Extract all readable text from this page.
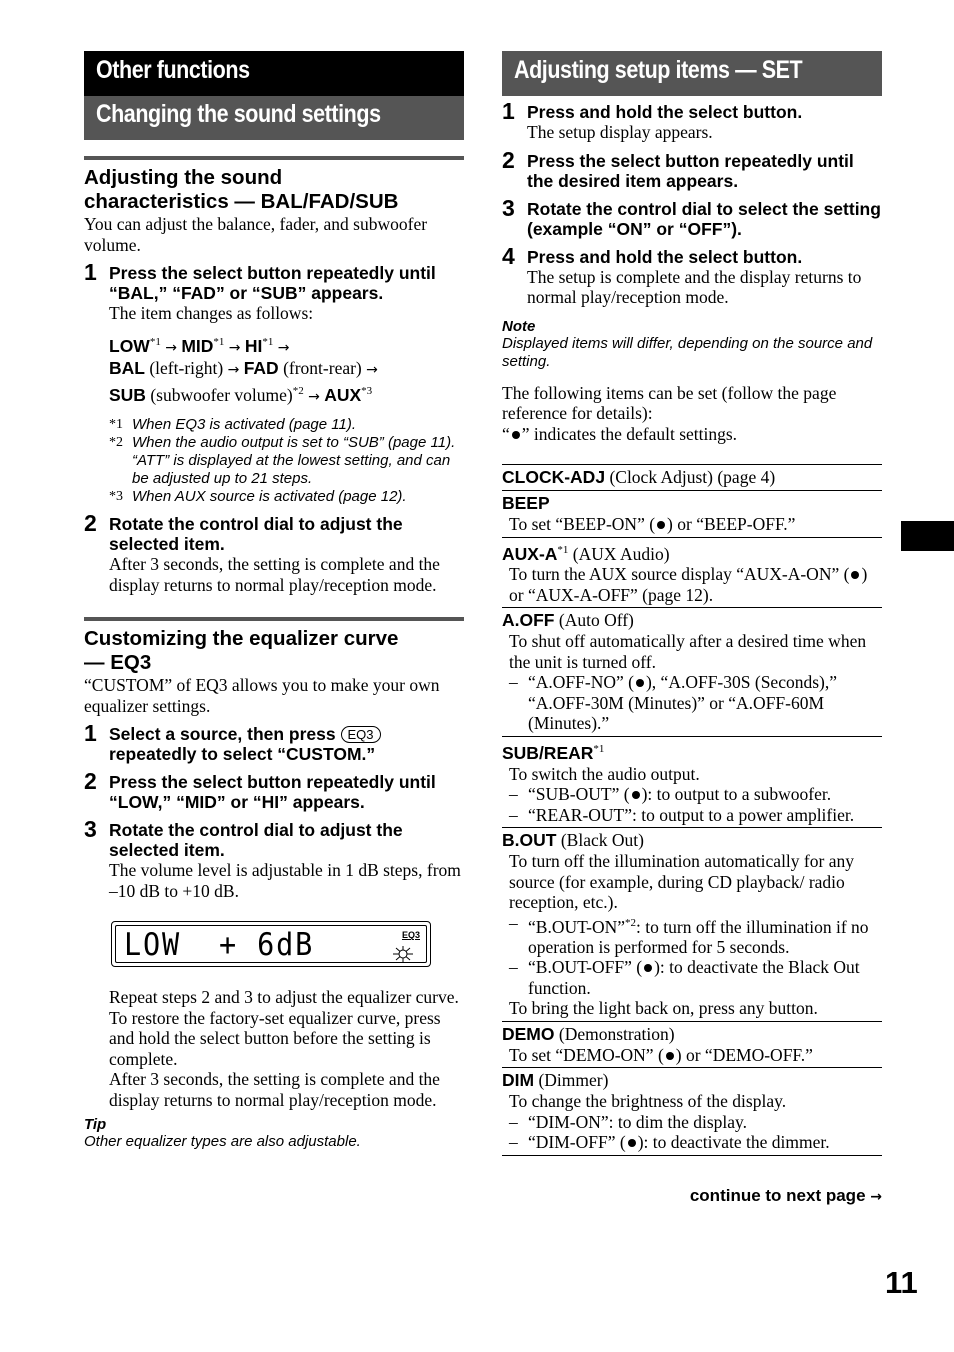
Other functions
Changing the sound settings
Adjusting the sound
characteristics — BAL/FAD/SUB
You can adjust the balance, fader, and subwoofer volume.
1 Press the select button repeatedly until “BAL,” “FAD” or “SUB” appears.
The item changes as follows:
$LOW^{*1} \to MID^{*1} \to HI^{*1}$ →
BAL (left-right) → FAD (front-rear) →
SUB (subwoofer volume)$^{*2}$ → $AUX^{*3}$
*1 When EQ3 is activated (page 11).
*2 When the audio output is set to “SUB” (page 11).
“ATT” is displayed at the lowest setting, and can be adjusted up to 21 steps.
*3 When AUX source is activated (page 12).
2 Rotate the control dial to adjust the selected item.
After 3 seconds, the setting is complete and the display returns to normal play/reception mode.
Customizing the equalizer curve
— EQ3
“CUSTOM” of EQ3 allows you to make your own equalizer settings.
1 Select a source, then press EQ3
repeatedly to select “CUSTOM.”
2 Press the select button repeatedly until “LOW,” “MID” or “HI” appears.
3 Rotate the control dial to adjust the selected item.
The volume level is adjustable in 1 dB steps, from –10 dB to +10 dB.
LOW  + 6dB	EQ3
Repeat steps 2 and 3 to adjust the equalizer curve.
To restore the factory-set equalizer curve, press and hold the select button before the setting is complete.
After 3 seconds, the setting is complete and the display returns to normal play/reception mode.
Tip
Other equalizer types are also adjustable.
Adjusting setup items — SET
1 Press and hold the select button.
The setup display appears.
2 Press the select button repeatedly until the desired item appears.
3 Rotate the control dial to select the setting (example “ON” or “OFF”).
4 Press and hold the select button.
The setup is complete and the display returns to normal play/reception mode.
Note
Displayed items will differ, depending on the source and setting.
The following items can be set (follow the page reference for details):
“ ” indicates the default settings.
CLOCK-ADJ (Clock Adjust) (page 4)
BEEP
To set “BEEP-ON” ( ) or “BEEP-OFF.”
AUX-$A^{*1}$ (AUX Audio)
To turn the AUX source display “AUX-A-ON” ( ) or “AUX-A-OFF” (page 12).
A.OFF (Auto Off)
To shut off automatically after a desired time when the unit is turned off.
– “A.OFF-NO” ( ), “A.OFF-30S (Seconds),” “A.OFF-30M (Minutes)” or “A.OFF-60M (Minutes).”
SUB/REAR$^{*1}$
To switch the audio output.
– “SUB-OUT” ( ): to output to a subwoofer.
– “REAR-OUT”: to output to a power amplifier.
B.OUT (Black Out)
To turn off the illumination automatically for any source (for example, during CD playback/ radio reception, etc.).
– “B.OUT-ON”$^{*2}$: to turn off the illumination if no operation is performed for 5 seconds.
– “B.OUT-OFF” ( ): to deactivate the Black Out function.
To bring the light back on, press any button.
DEMO (Demonstration)
To set “DEMO-ON” ( ) or “DEMO-OFF.”
DIM (Dimmer)
To change the brightness of the display.
– “DIM-ON”: to dim the display.
– “DIM-OFF” ( ): to deactivate the dimmer.
continue to next page →
11
